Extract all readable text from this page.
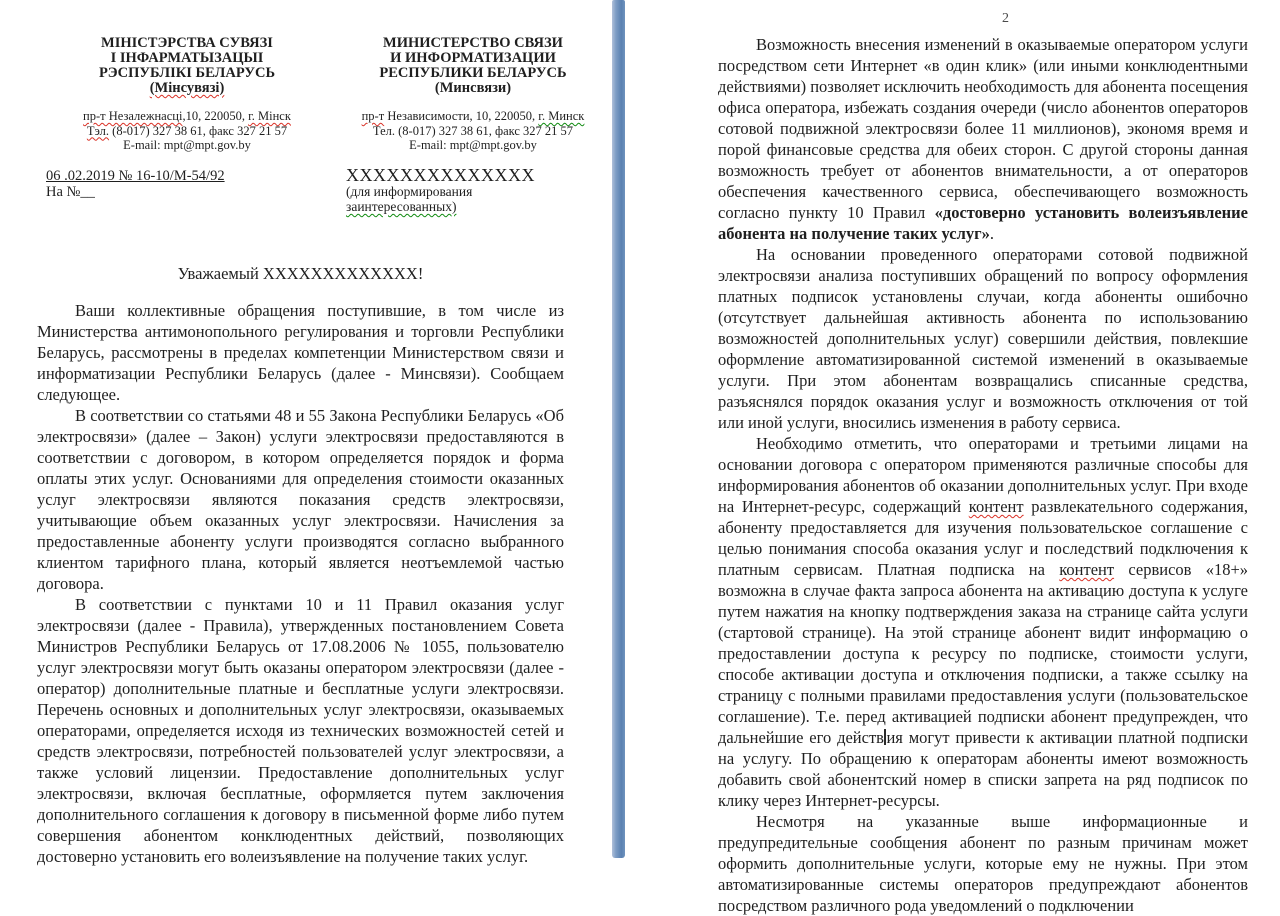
МІНІСТЭРСТВА СУВЯЗІ
І ІНФАРМАТЫЗАЦЫІ
РЭСПУБЛІКІ БЕЛАРУСЬ
(Мінсувязі)
пр-т Незалежнасці,10, 220050, г. Мінск
Тэл. (8-017) 327 38 61, факс 327 21 57
E-mail: mpt@mpt.gov.by
06 .02.2019 № 16-10/М-54/92
На №__
МИНИСТЕРСТВО СВЯЗИ
И ИНФОРМАТИЗАЦИИ
РЕСПУБЛИКИ БЕЛАРУСЬ
(Минсвязи)
пр-т Независимости, 10, 220050, г. Минск
Тел. (8-017) 327 38 61, факс 327 21 57
E-mail: mpt@mpt.gov.by
ХХХХХХХХХХХХХХ
(для информирования
заинтересованных)
Уважаемый ХХХХХХХХХХХХХ!

Ваши коллективные обращения поступившие, в том числе из Министерства антимонопольного регулирования и торговли Республики Беларусь, рассмотрены в пределах компетенции Министерством связи и информатизации Республики Беларусь (далее - Минсвязи). Сообщаем следующее.

В соответствии со статьями 48 и 55 Закона Республики Беларусь «Об электросвязи» (далее – Закон) услуги электросвязи предоставляются в соответствии с договором, в котором определяется порядок и форма оплаты этих услуг. Основаниями для определения стоимости оказанных услуг электросвязи являются показания средств электросвязи, учитывающие объем оказанных услуг электросвязи. Начисления за предоставленные абоненту услуги производятся согласно выбранного клиентом тарифного плана, который является неотъемлемой частью договора.

В соответствии с пунктами 10 и 11 Правил оказания услуг электросвязи (далее - Правила), утвержденных постановлением Совета Министров Республики Беларусь от 17.08.2006 № 1055, пользователю услуг электросвязи могут быть оказаны оператором электросвязи (далее - оператор) дополнительные платные и бесплатные услуги электросвязи. Перечень основных и дополнительных услуг электросвязи, оказываемых операторами, определяется исходя из технических возможностей сетей и средств электросвязи, потребностей пользователей услуг электросвязи, а также условий лицензии. Предоставление дополнительных услуг электросвязи, включая бесплатные, оформляется путем заключения дополнительного соглашения к договору в письменной форме либо путем совершения абонентом конклюдентных действий, позволяющих достоверно установить его волеизъявление на получение таких услуг.

2

Возможность внесения изменений в оказываемые оператором услуги посредством сети Интернет «в один клик» (или иными конклюдентными действиями) позволяет исключить необходимость для абонента посещения офиса оператора, избежать создания очереди (число абонентов операторов сотовой подвижной электросвязи более 11 миллионов), экономя время и порой финансовые средства для обеих сторон. С другой стороны данная возможность требует от абонентов внимательности, а от операторов обеспечения качественного сервиса, обеспечивающего возможность согласно пункту 10 Правил «достоверно установить волеизъявление абонента на получение таких услуг».

На основании проведенного операторами сотовой подвижной электросвязи анализа поступивших обращений по вопросу оформления платных подписок установлены случаи, когда абоненты ошибочно (отсутствует дальнейшая активность абонента по использованию возможностей дополнительных услуг) совершили действия, повлекшие оформление автоматизированной системой изменений в оказываемые услуги. При этом абонентам возвращались списанные средства, разъяснялся порядок оказания услуг и возможность отключения от той или иной услуги, вносились изменения в работу сервиса.

Необходимо отметить, что операторами и третьими лицами на основании договора с оператором применяются различные способы для информирования абонентов об оказании дополнительных услуг. При входе на Интернет-ресурс, содержащий контент развлекательного содержания, абоненту предоставляется для изучения пользовательское соглашение с целью понимания способа оказания услуг и последствий подключения к платным сервисам. Платная подписка на контент сервисов «18+» возможна в случае факта запроса абонента на активацию доступа к услуге путем нажатия на кнопку подтверждения заказа на странице сайта услуги (стартовой странице). На этой странице абонент видит информацию о предоставлении доступа к ресурсу по подписке, стоимости услуги, способе активации доступа и отключения подписки, а также ссылку на страницу с полными правилами предоставления услуги (пользовательское соглашение). Т.е. перед активацией подписки абонент предупрежден, что дальнейшие его действ ия могут привести к активации платной подписки на услугу. По обращению к операторам абоненты имеют возможность добавить свой абонентский номер в списки запрета на ряд подписок по клику через Интернет-ресурсы.

Несмотря на указанные выше информационные и предупредительные сообщения абонент по разным причинам может оформить дополнительные услуги, которые ему не нужны. При этом автоматизированные системы операторов предупреждают абонентов посредством различного рода уведомлений о подключении
